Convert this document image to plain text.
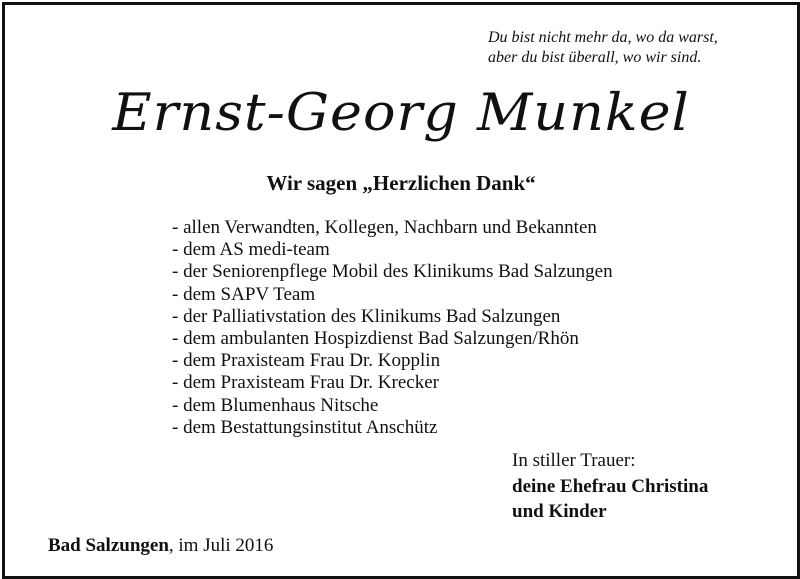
Du bist nicht mehr da, wo da warst,
aber du bist überall, wo wir sind.
Ernst-Georg Munkel
Wir sagen „Herzlichen Dank“
- allen Verwandten, Kollegen, Nachbarn und Bekannten
- dem AS medi-team
- der Seniorenpflege Mobil des Klinikums Bad Salzungen
- dem SAPV Team
- der Palliativstation des Klinikums Bad Salzungen
- dem ambulanten Hospizdienst Bad Salzungen/Rhön
- dem Praxisteam Frau Dr. Kopplin
- dem Praxisteam Frau Dr. Krecker
- dem Blumenhaus Nitsche
- dem Bestattungsinstitut Anschütz
In stiller Trauer:
deine Ehefrau Christina
und Kinder
Bad Salzungen, im Juli 2016
